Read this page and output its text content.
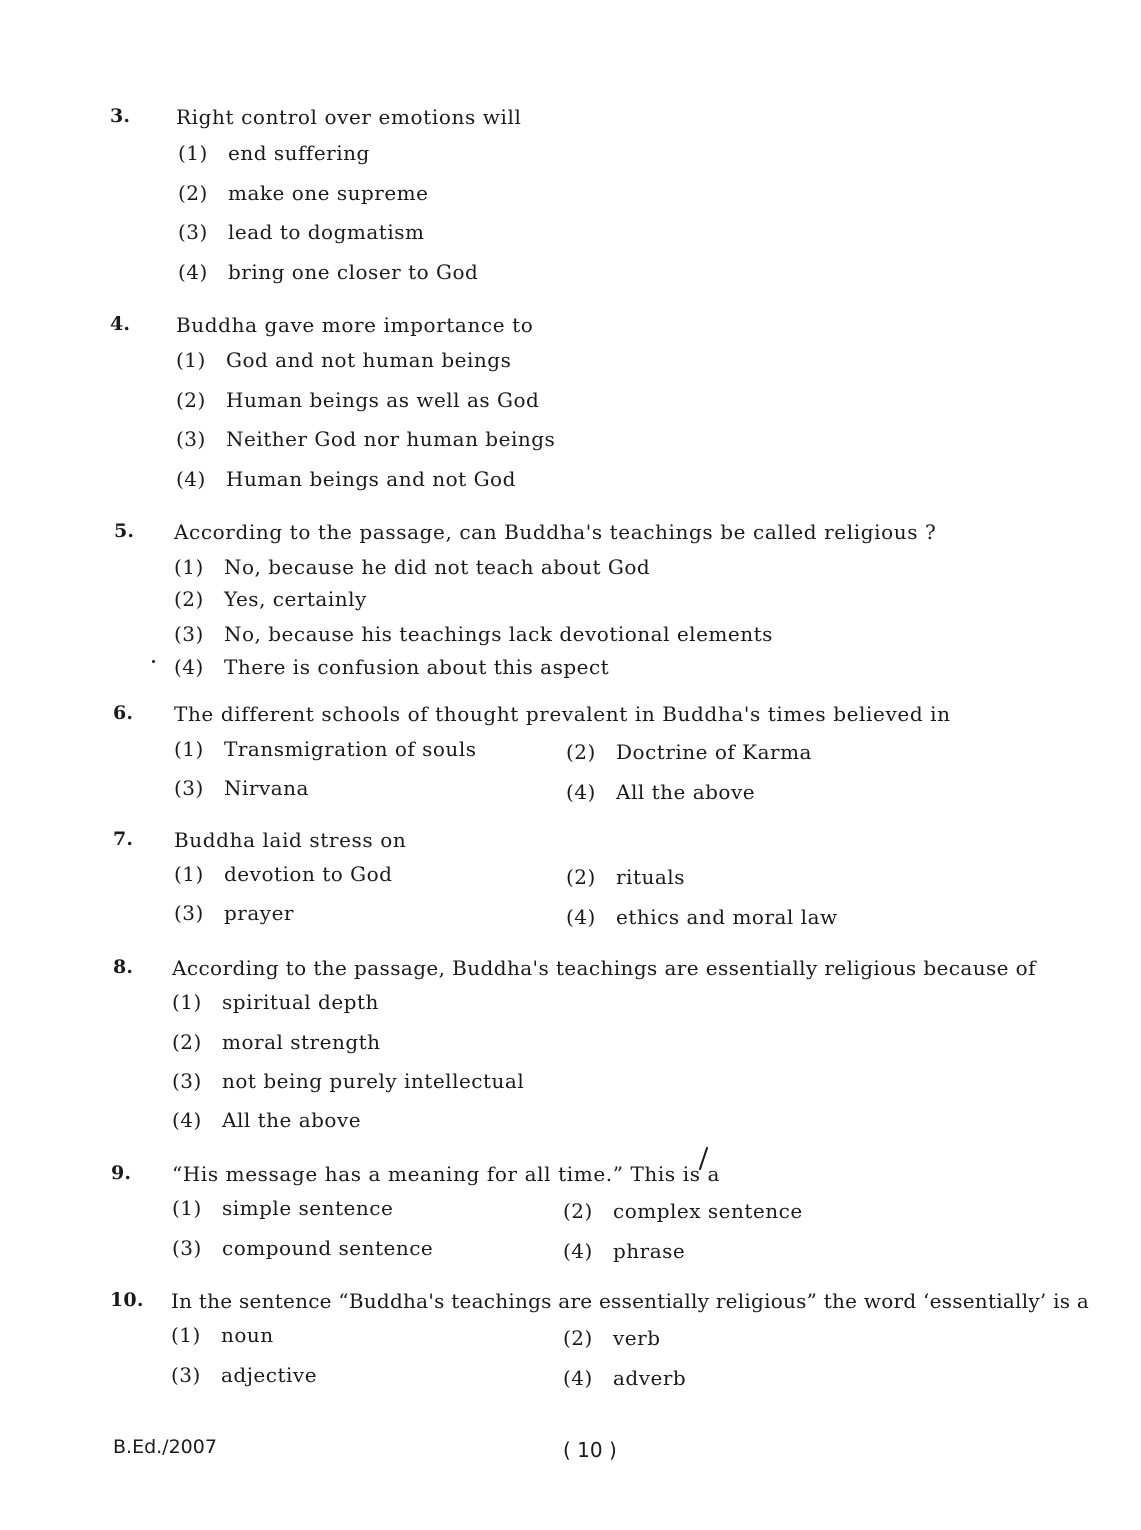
3. Right control over emotions will
(1) end suffering
(2) make one supreme
(3) lead to dogmatism
(4) bring one closer to God
4. Buddha gave more importance to
(1) God and not human beings
(2) Human beings as well as God
(3) Neither God nor human beings
(4) Human beings and not God
5. According to the passage, can Buddha's teachings be called religious ?
(1) No, because he did not teach about God
(2) Yes, certainly
(3) No, because his teachings lack devotional elements
(4) There is confusion about this aspect
6. The different schools of thought prevalent in Buddha's times believed in
(1) Transmigration of souls	(2) Doctrine of Karma
(3) Nirvana	(4) All the above
7. Buddha laid stress on
(1) devotion to God	(2) rituals
(3) prayer	(4) ethics and moral law
8. According to the passage, Buddha's teachings are essentially religious because of
(1) spiritual depth
(2) moral strength
(3) not being purely intellectual
(4) All the above
9. “His message has a meaning for all time.” This is a
(1) simple sentence	(2) complex sentence
(3) compound sentence	(4) phrase
10. In the sentence “Buddha's teachings are essentially religious” the word ‘essentially’ is a
(1) noun	(2) verb
(3) adjective	(4) adverb
B.Ed./2007	( 10 )
